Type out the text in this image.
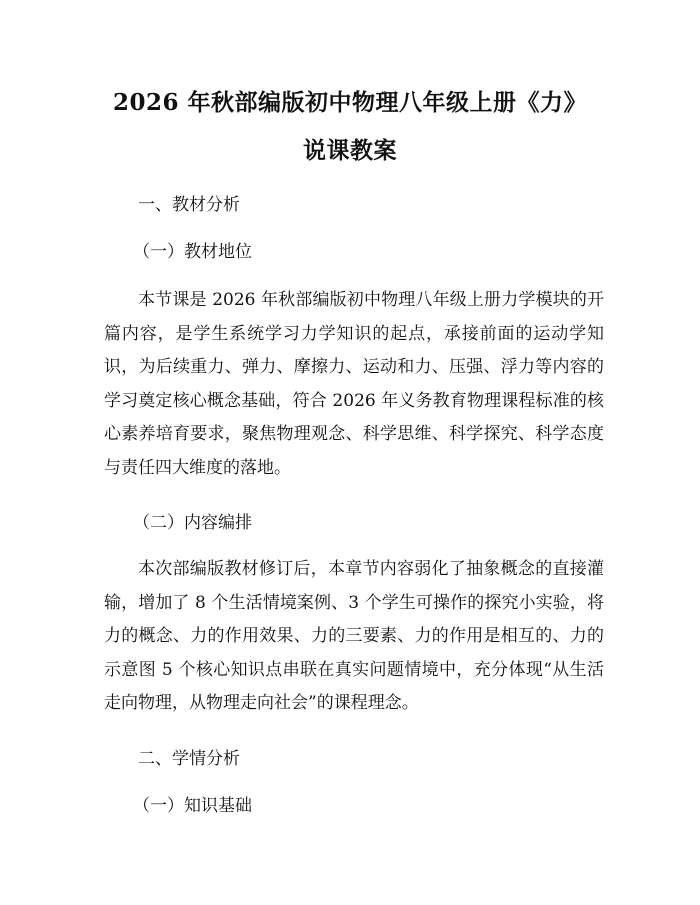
2026 年秋部编版初中物理八年级上册《力》
说课教案
一、教材分析
（一）教材地位

本节课是 2026 年秋部编版初中物理八年级上册力学模块的开篇内容，是学生系统学习力学知识的起点，承接前面的运动学知识，为后续重力、弹力、摩擦力、运动和力、压强、浮力等内容的学习奠定核心概念基础，符合 2026 年义务教育物理课程标准的核心素养培育要求，聚焦物理观念、科学思维、科学探究、科学态度与责任四大维度的落地。

（二）内容编排

本次部编版教材修订后，本章节内容弱化了抽象概念的直接灌输，增加了 8 个生活情境案例、3 个学生可操作的探究小实验，将力的概念、力的作用效果、力的三要素、力的作用是相互的、力的示意图 5 个核心知识点串联在真实问题情境中，充分体现“从生活走向物理，从物理走向社会”的课程理念。

二、学情分析
（一）知识基础
